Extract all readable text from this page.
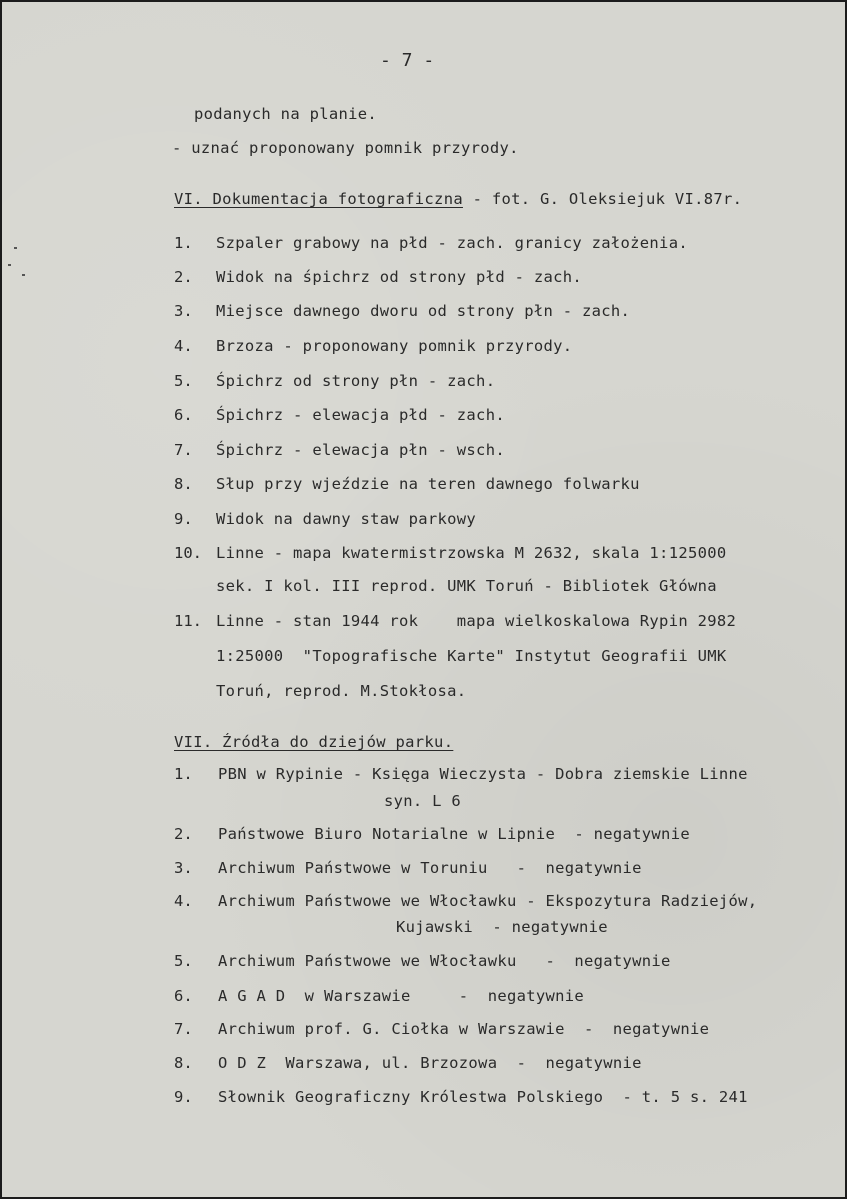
- 7 -
podanych na planie.
- uznać proponowany pomnik przyrody.
VI. Dokumentacja fotograficzna - fot. G. Oleksiejuk VI.87r.
1. Szpaler grabowy na płd - zach. granicy założenia.
2. Widok na śpichrz od strony płd - zach.
3. Miejsce dawnego dworu od strony płn - zach.
4. Brzoza - proponowany pomnik przyrody.
5. Śpichrz od strony płn - zach.
6. Śpichrz - elewacja płd - zach.
7. Śpichrz - elewacja płn - wsch.
8. Słup przy wjeździe na teren dawnego folwarku
9. Widok na dawny staw parkowy
10. Linne - mapa kwatermistrzowska M 2632, skala 1:125000
sek. I kol. III reprod. UMK Toruń - Bibliotek Główna
11. Linne - stan 1944 rok    mapa wielkoskalowa Rypin 2982
1:25000  "Topografische Karte" Instytut Geografii UMK
Toruń, reprod. M.Stokłosa.
VII. Źródła do dziejów parku.
1. PBN w Rypinie - Księga Wieczysta - Dobra ziemskie Linne
syn. L 6
2. Państwowe Biuro Notarialne w Lipnie  - negatywnie
3. Archiwum Państwowe w Toruniu   -  negatywnie
4. Archiwum Państwowe we Włocławku - Ekspozytura Radziejów,
Kujawski  - negatywnie
5. Archiwum Państwowe we Włocławku   -  negatywnie
6. A G A D  w Warszawie     -  negatywnie
7. Archiwum prof. G. Ciołka w Warszawie  -  negatywnie
8. O D Z  Warszawa, ul. Brzozowa  -  negatywnie
9. Słownik Geograficzny Królestwa Polskiego  - t. 5 s. 241
